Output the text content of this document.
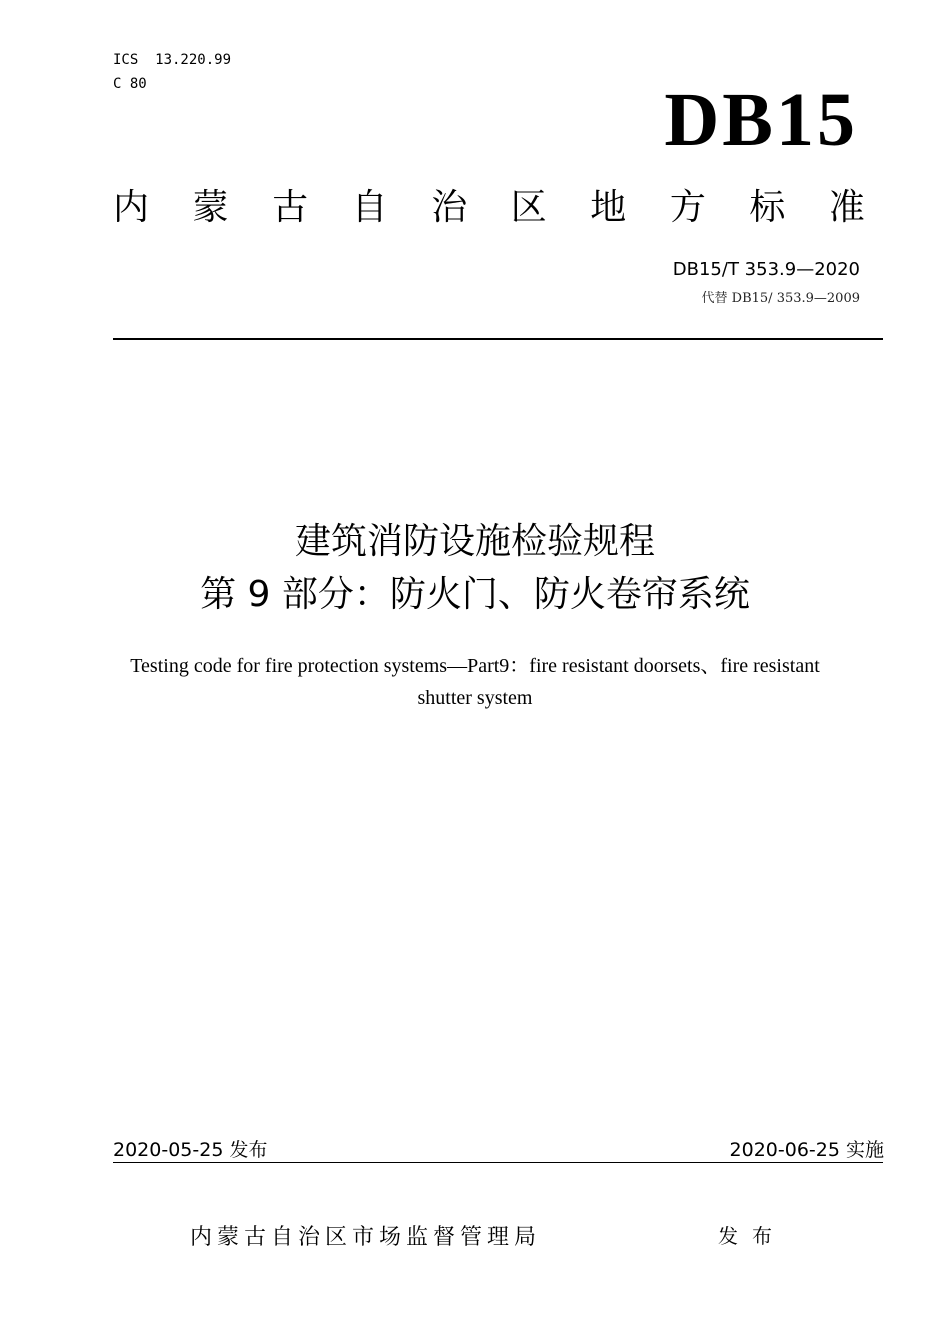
ICS  13.220.99
C 80	DB15
内 蒙 古 自 治 区 地 方 标 准
DB15/T 353.9—2020
代替 DB15/ 353.9—2009
建筑消防设施检验规程
第 9 部分：防火门、防火卷帘系统
Testing code for fire protection systems—Part9：fire resistant doorsets、fire resistant shutter system
2020-05-25 发布	2020-06-25 实施
内蒙古自治区市场监督管理局	发布
